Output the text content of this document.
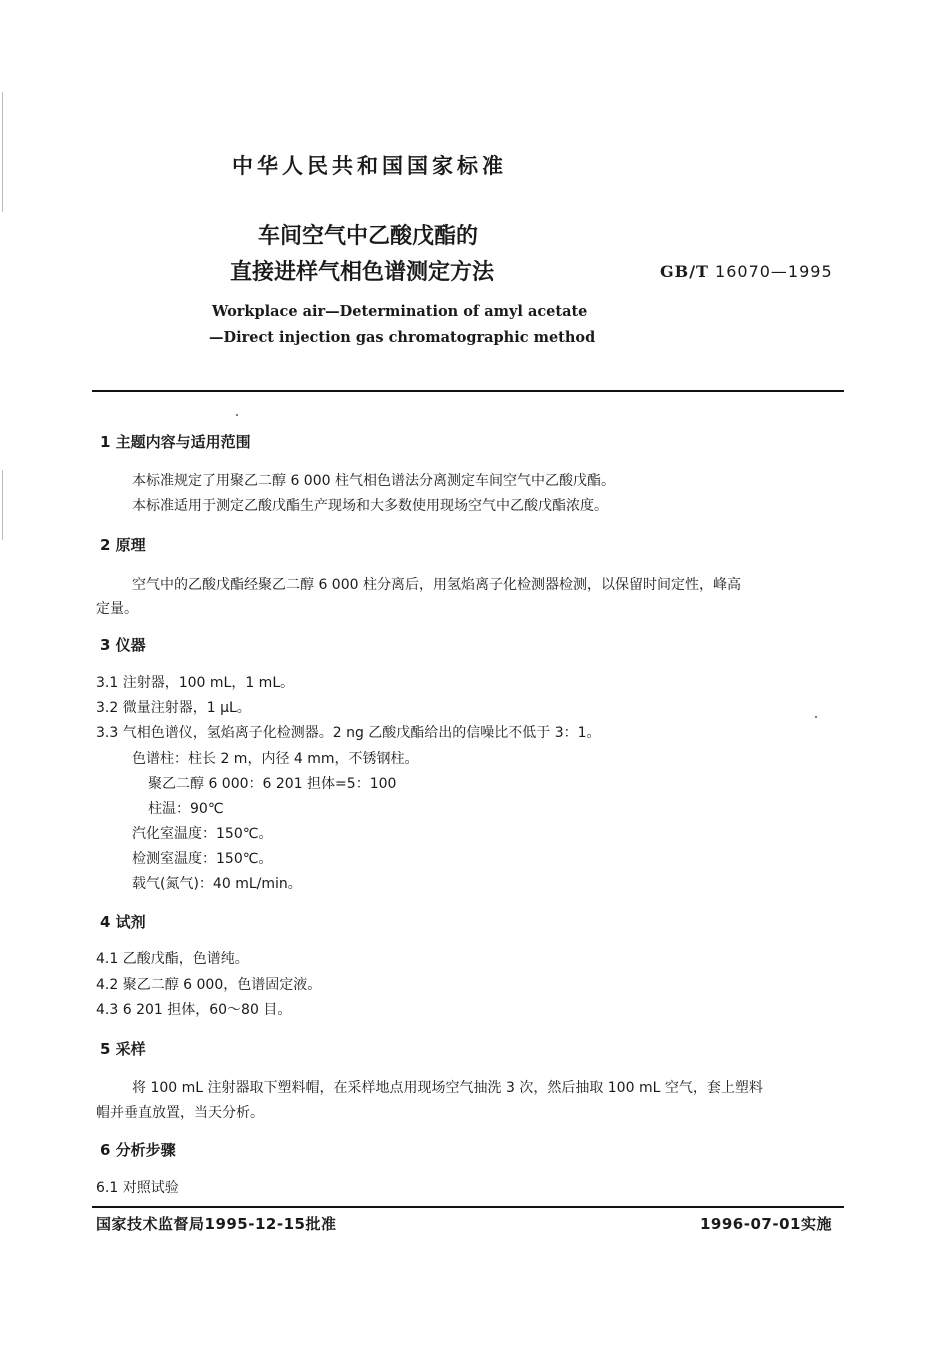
中华人民共和国国家标准
车间空气中乙酸戊酯的
直接进样气相色谱测定方法	GB/T 16070—1995
Workplace air—Determination of amyl acetate
—Direct injection gas chromatographic method
1 主题内容与适用范围
本标准规定了用聚乙二醇 6 000 柱气相色谱法分离测定车间空气中乙酸戊酯。
本标准适用于测定乙酸戊酯生产现场和大多数使用现场空气中乙酸戊酯浓度。
2 原理
空气中的乙酸戊酯经聚乙二醇 6 000 柱分离后，用氢焰离子化检测器检测，以保留时间定性，峰高
定量。
3 仪器
3.1 注射器，100 mL，1 mL。
3.2 微量注射器，1 μL。
3.3 气相色谱仪，氢焰离子化检测器。2 ng 乙酸戊酯给出的信噪比不低于 3：1。
色谱柱：柱长 2 m，内径 4 mm，不锈钢柱。
聚乙二醇 6 000：6 201 担体=5：100
柱温：90℃
汽化室温度：150℃。
检测室温度：150℃。
载气(氮气)：40 mL/min。
4 试剂
4.1 乙酸戊酯，色谱纯。
4.2 聚乙二醇 6 000，色谱固定液。
4.3 6 201 担体，60～80 目。
5 采样
将 100 mL 注射器取下塑料帽，在采样地点用现场空气抽洗 3 次，然后抽取 100 mL 空气，套上塑料
帽并垂直放置，当天分析。
6 分析步骤
6.1 对照试验
国家技术监督局1995-12-15批准	1996-07-01实施
